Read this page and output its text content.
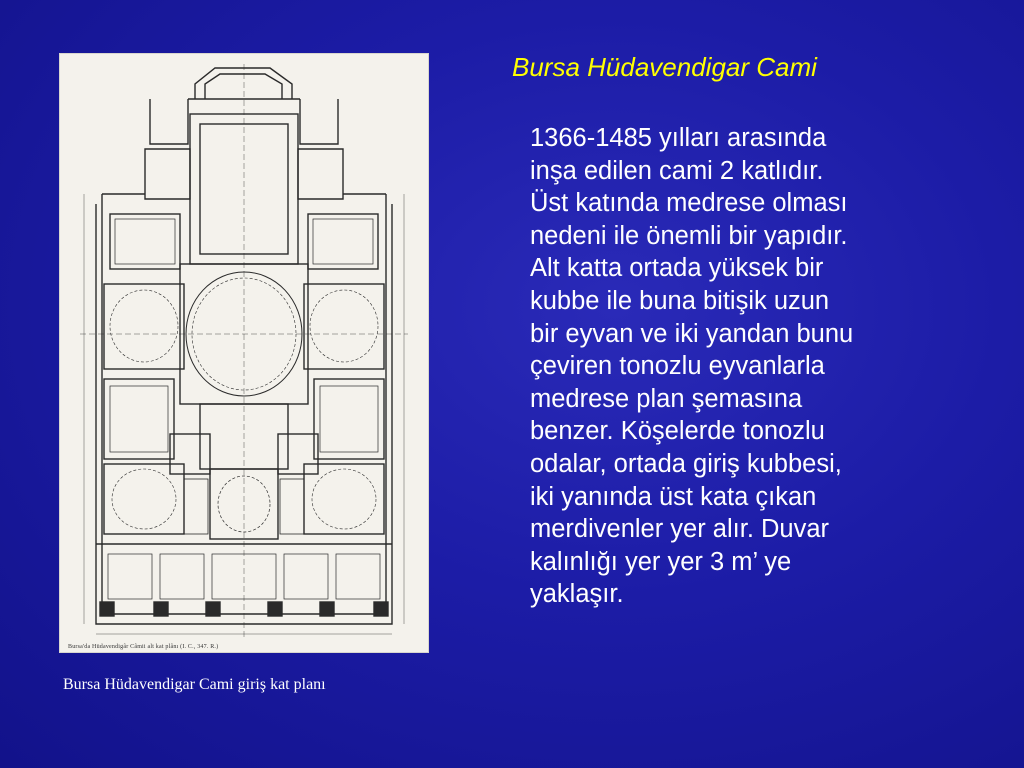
Bursa'da Hüdavendigâr Câmii alt kat plânı (I. C., 347. R.)
Bursa Hüdavendigar Cami giriş kat planı
Bursa Hüdavendigar Cami
1366-1485 yılları arasında
inşa edilen cami 2 katlıdır.
Üst katında medrese olması
nedeni ile önemli bir yapıdır.
Alt katta ortada yüksek bir
kubbe ile buna bitişik uzun
bir eyvan ve iki yandan bunu
çeviren tonozlu eyvanlarla
medrese plan şemasına
benzer. Köşelerde tonozlu
odalar, ortada giriş kubbesi,
iki yanında üst kata çıkan
merdivenler yer alır. Duvar
kalınlığı yer yer 3 m’ ye
yaklaşır.
